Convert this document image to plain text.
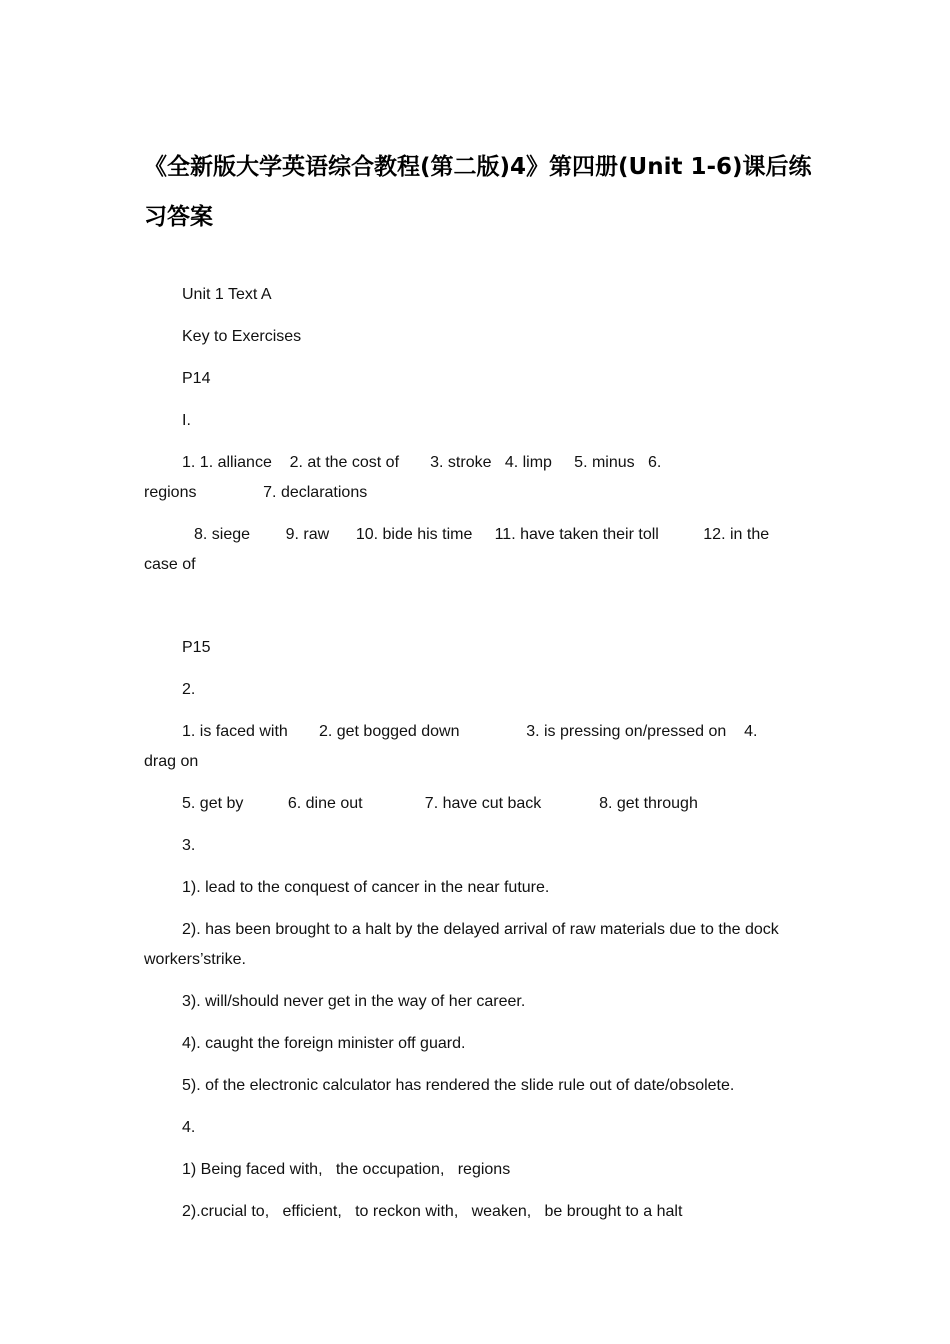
《全新版大学英语综合教程(第二版)4》第四册(Unit 1-6)课后练习答案
Unit 1 Text A
Key to Exercises
P14
I.
1. 1. alliance    2. at the cost of       3. stroke   4. limp     5. minus   6.
regions               7. declarations
8. siege        9. raw      10. bide his time     11. have taken their toll          12. in the
case of
P15
2.
1. is faced with       2. get bogged down               3. is pressing on/pressed on    4.
drag on
5. get by          6. dine out              7. have cut back             8. get through
3.
1). lead to the conquest of cancer in the near future.
2). has been brought to a halt by the delayed arrival of raw materials due to the dock
workers’strike.
3). will/should never get in the way of her career.
4). caught the foreign minister off guard.
5). of the electronic calculator has rendered the slide rule out of date/obsolete.
4.
1) Being faced with,   the occupation,   regions
2).crucial to,   efficient,   to reckon with,   weaken,   be brought to a halt
